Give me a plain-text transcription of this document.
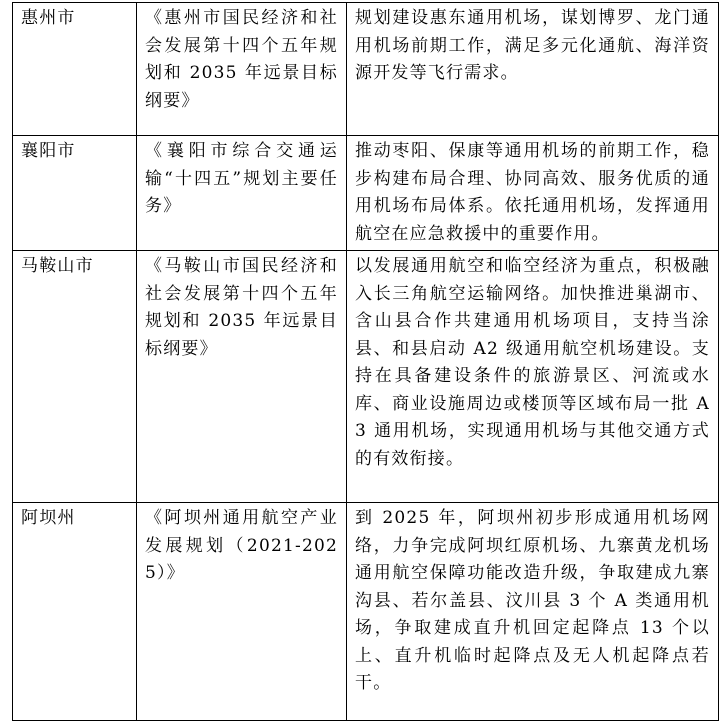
惠州市	《惠州市国民经济和社会发展第十四个五年规划和 2035 年远景目标纲要》	规划建设惠东通用机场，谋划博罗、龙门通用机场前期工作，满足多元化通航、海洋资源开发等飞行需求。
襄阳市	《襄阳市综合交通运输“十四五”规划主要任务》	推动枣阳、保康等通用机场的前期工作，稳步构建布局合理、协同高效、服务优质的通用机场布局体系。依托通用机场，发挥通用航空在应急救援中的重要作用。
马鞍山市	《马鞍山市国民经济和社会发展第十四个五年规划和 2035 年远景目标纲要》	以发展通用航空和临空经济为重点，积极融入长三角航空运输网络。加快推进巢湖市、含山县合作共建通用机场项目，支持当涂县、和县启动 A2 级通用航空机场建设。支持在具备建设条件的旅游景区、河流或水库、商业设施周边或楼顶等区域布局一批 A3 通用机场，实现通用机场与其他交通方式的有效衔接。
阿坝州	《阿坝州通用航空产业发展规划（2021-2025）》	到 2025 年，阿坝州初步形成通用机场网络，力争完成阿坝红原机场、九寨黄龙机场通用航空保障功能改造升级，争取建成九寨沟县、若尔盖县、汶川县 3 个 A 类通用机场，争取建成直升机回定起降点 13 个以上、直升机临时起降点及无人机起降点若干。
